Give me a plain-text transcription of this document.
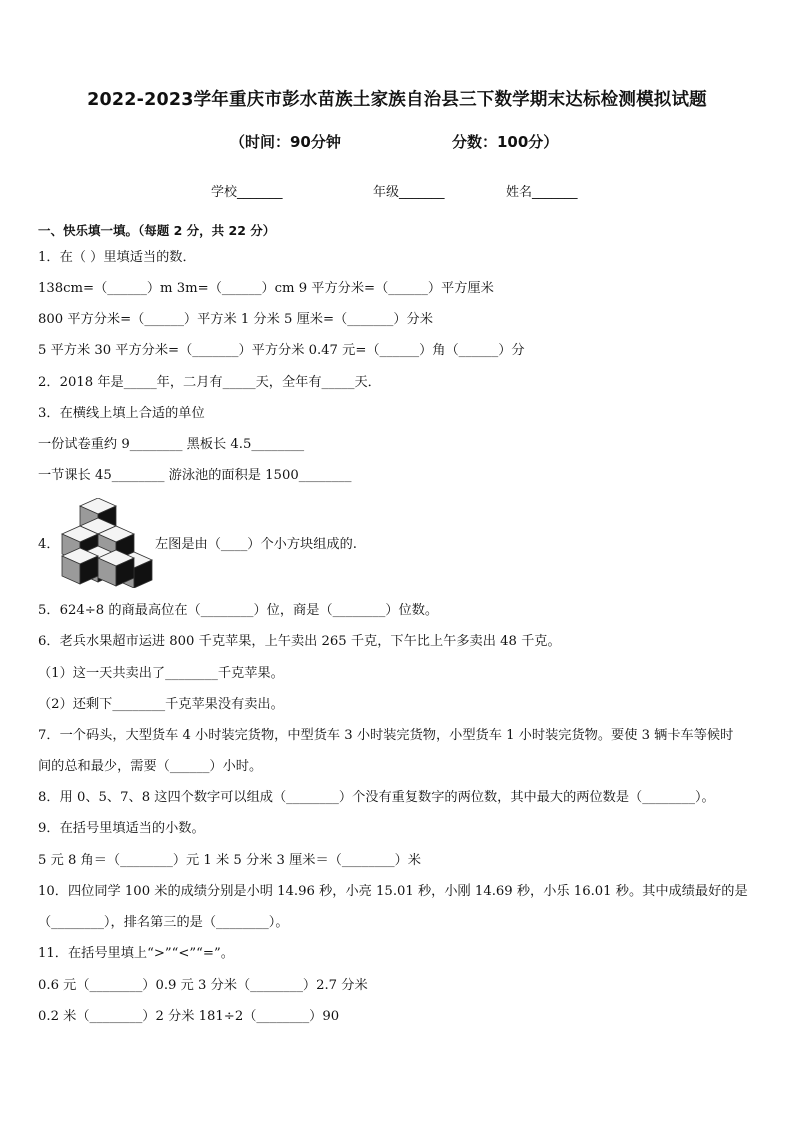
2022-2023学年重庆市彭水苗族土家族自治县三下数学期末达标检测模拟试题
（时间：90分钟	分数：100分）
学校_______	年级_______	姓名_______
一、快乐填一填。（每题 2 分，共 22 分）
1．在（ ）里填适当的数．
138cm=（______）m 3m=（______）cm 9 平方分米=（______）平方厘米
800 平方分米=（______）平方米 1 分米 5 厘米=（_______）分米
5 平方米 30 平方分米=（_______）平方分米 0.47 元=（______）角（______）分
2．2018 年是_____年，二月有_____天，全年有_____天．
3．在横线上填上合适的单位
一份试卷重约 9________ 黑板长 4.5________
一节课长 45________ 游泳池的面积是 1500________
4．	左图是由（____）个小方块组成的.
5．624÷8 的商最高位在（________）位，商是（________）位数。
6．老兵水果超市运进 800 千克苹果，上午卖出 265 千克，下午比上午多卖出 48 千克。
（1）这一天共卖出了________千克苹果。
（2）还剩下________千克苹果没有卖出。
7．一个码头，大型货车 4 小时装完货物，中型货车 3 小时装完货物，小型货车 1 小时装完货物。要使 3 辆卡车等候时
间的总和最少，需要（______）小时。
8．用 0、5、7、8 这四个数字可以组成（________）个没有重复数字的两位数，其中最大的两位数是（________）。
9．在括号里填适当的小数。
5 元 8 角＝（________）元 1 米 5 分米 3 厘米＝（________）米
10．四位同学 100 米的成绩分别是小明 14.96 秒，小亮 15.01 秒，小刚 14.69 秒，小乐 16.01 秒。其中成绩最好的是
（________），排名第三的是（________）。
11．在括号里填上“>”“<”“=”。
0.6 元（________）0.9 元 3 分米（________）2.7 分米
0.2 米（________）2 分米 181÷2（________）90
